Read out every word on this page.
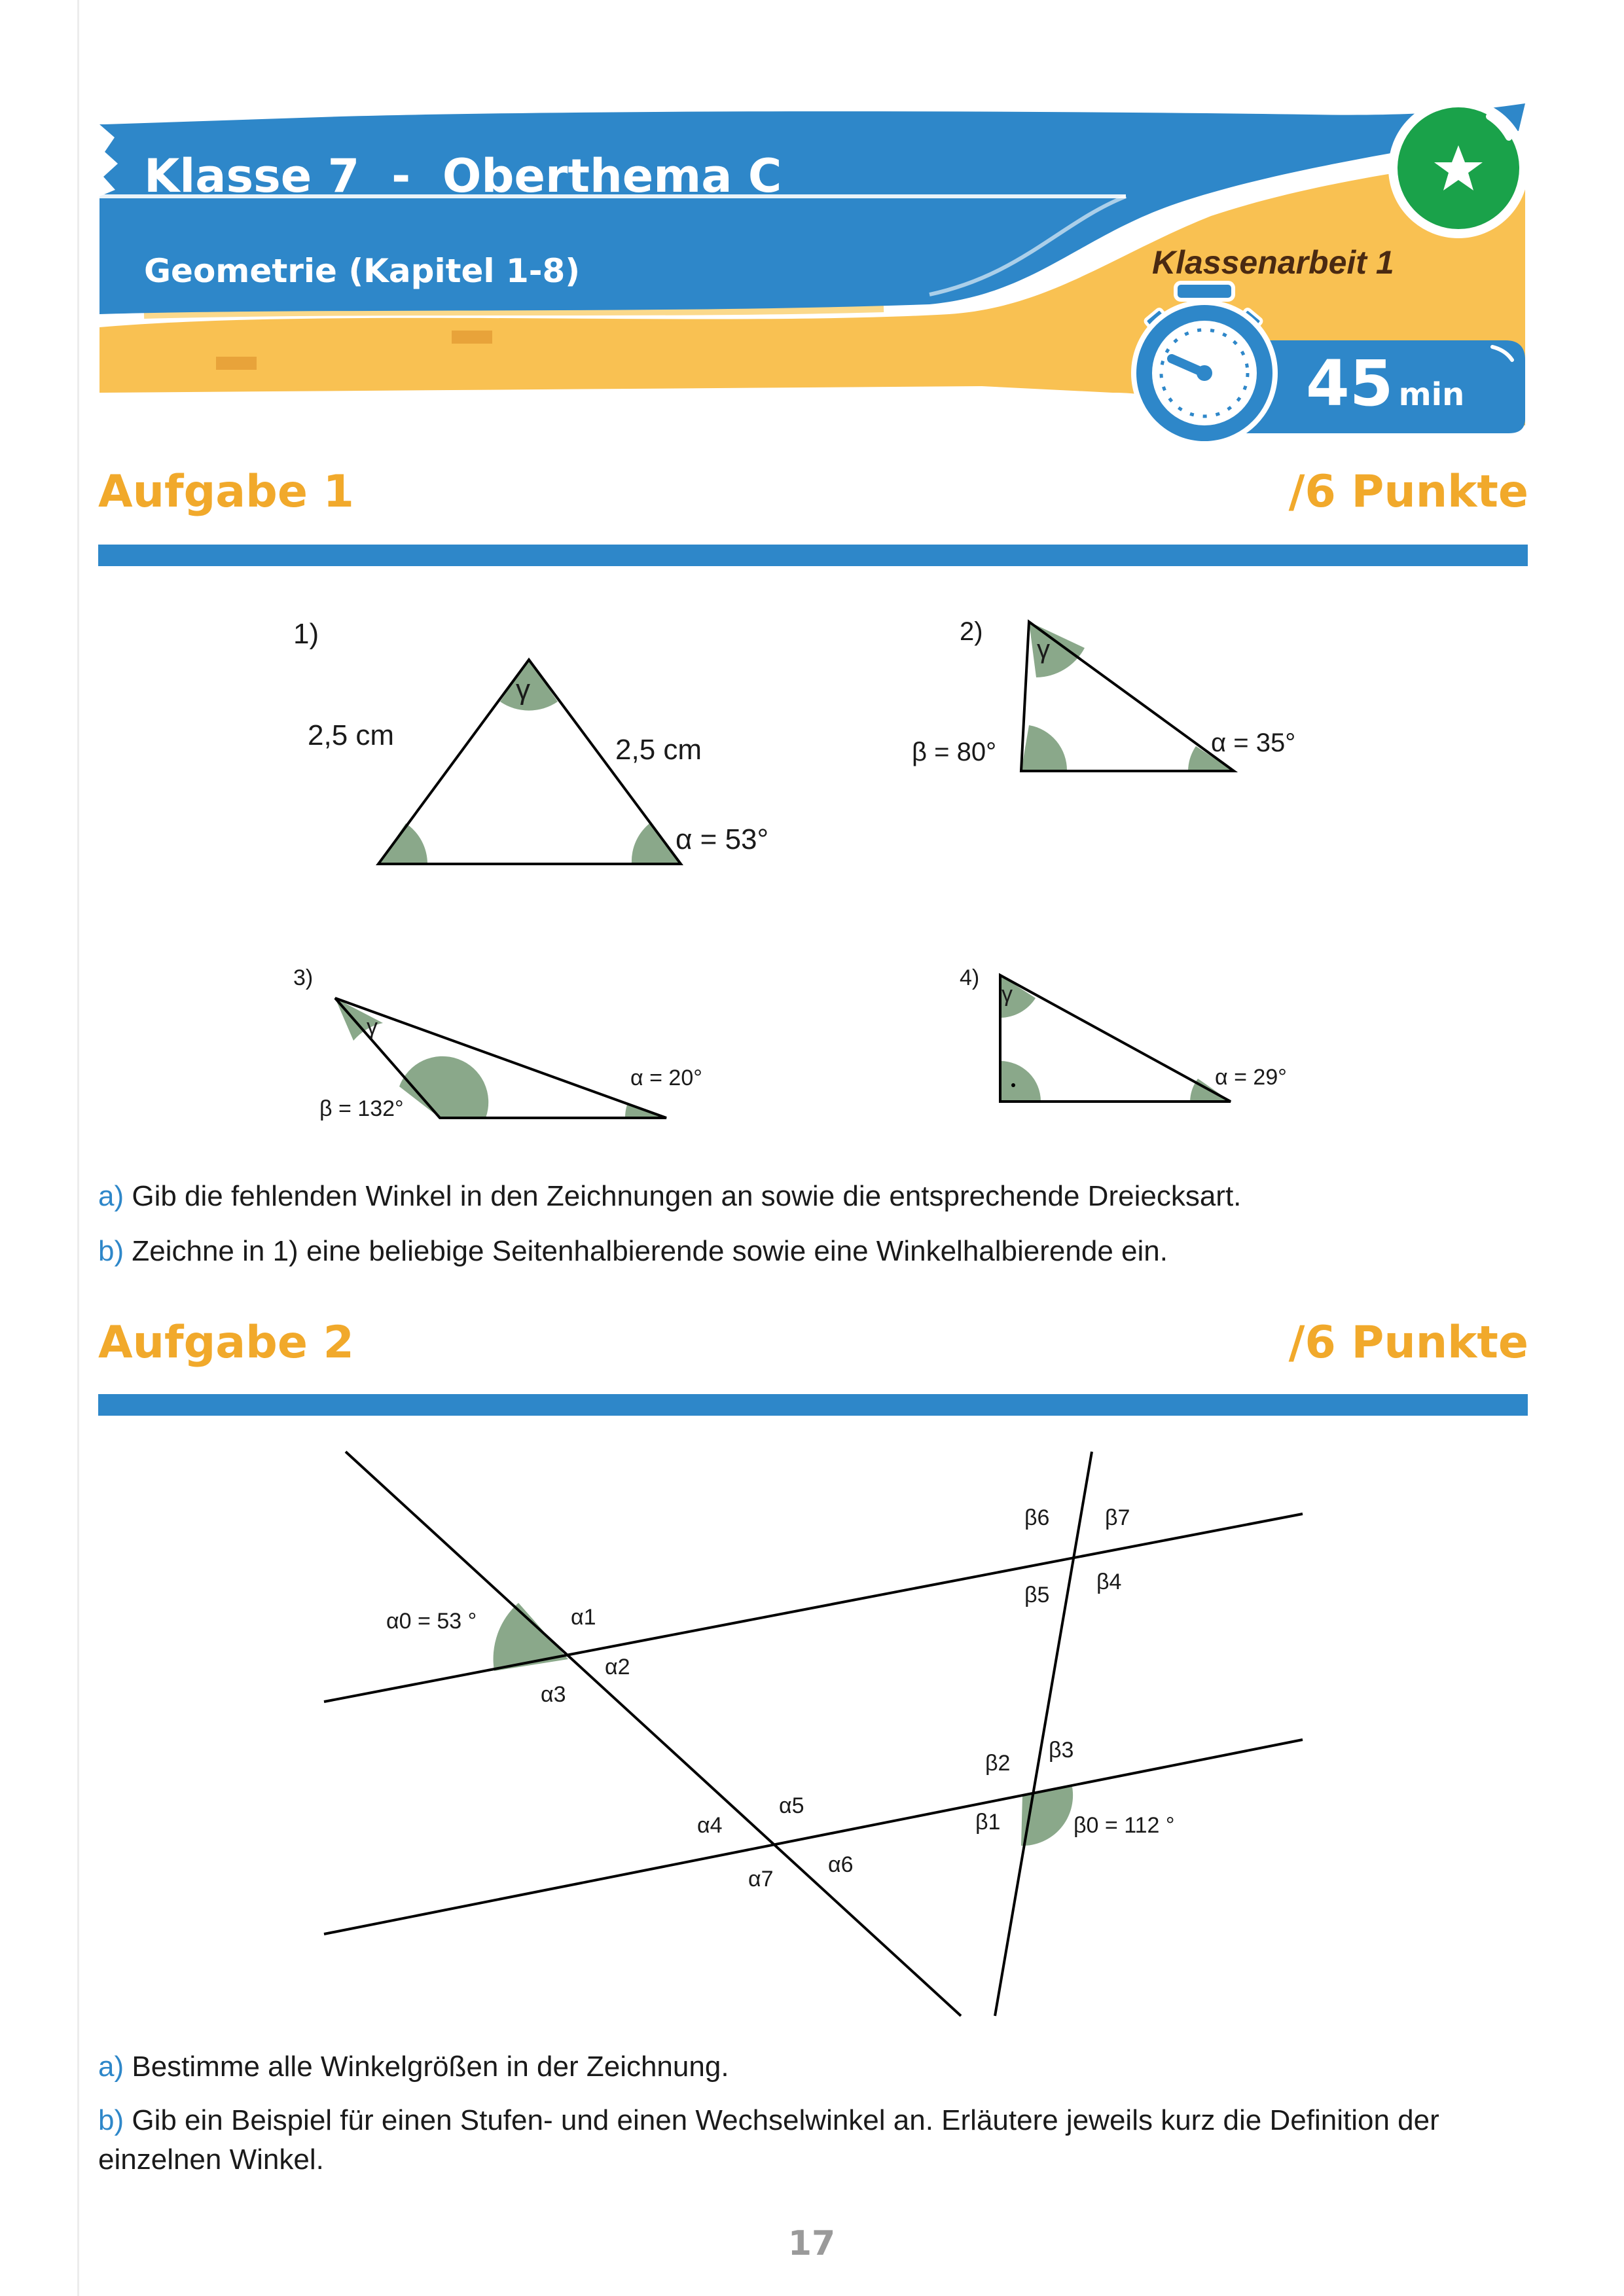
Klasse 7  -  Oberthema C
Geometrie (Kapitel 1-8)	Klassenarbeit 1
45 min
Aufgabe 1	/6 Punkte
1)
2,5 cm	2,5 cm
γ
α = 53°
2)
γ
β = 80°	α = 35°
3)
γ
β = 132°
α = 20°
4)
γ
α = 29°
a) Gib die fehlenden Winkel in den Zeichnungen an sowie die entsprechende Dreiecksart.
b) Zeichne in 1) eine beliebige Seitenhalbierende sowie eine Winkelhalbierende ein.
Aufgabe 2	/6 Punkte
α0 = 53 °	α1
α2
α3
α4
α5
α6
α7
β0 = 112 °
β1
β2
β3
β4
β5
β6 β7
a) Bestimme alle Winkelgrößen in der Zeichnung.
b) Gib ein Beispiel für einen Stufen- und einen Wechselwinkel an. Erläutere jeweils kurz die Definition der einzelnen Winkel.
17
